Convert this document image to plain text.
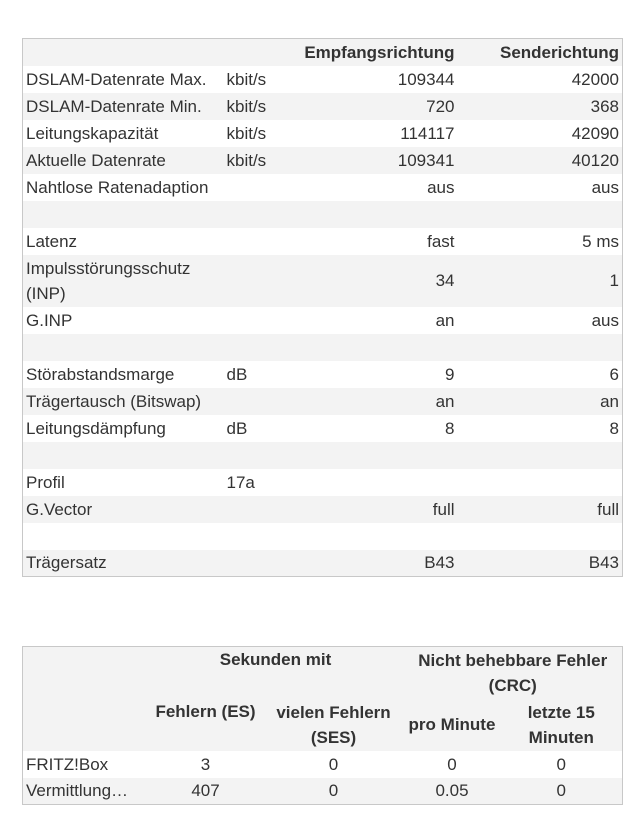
		Empfangsrichtung	Senderichtung
DSLAM-Datenrate Max.	kbit/s	109344	42000
DSLAM-Datenrate Min.	kbit/s	720	368
Leitungskapazität	kbit/s	114117	42090
Aktuelle Datenrate	kbit/s	109341	40120
Nahtlose Ratenadaption		aus	aus

Latenz		fast	5 ms
Impulsstörungsschutz (INP)		34	1
G.INP		an	aus

Störabstandsmarge	dB	9	6
Trägertausch (Bitswap)		an	an
Leitungsdämpfung	dB	8	8

Profil	17a		
G.Vector		full	full

Trägersatz		B43	B43
	Sekunden mit		Nicht behebbare Fehler (CRC)	
	Fehlern (ES)	vielen Fehlern (SES)	pro Minute	letzte 15 Minuten
FRITZ!Box	3	0	0	0
Vermittlung…	407	0	0.05	0
